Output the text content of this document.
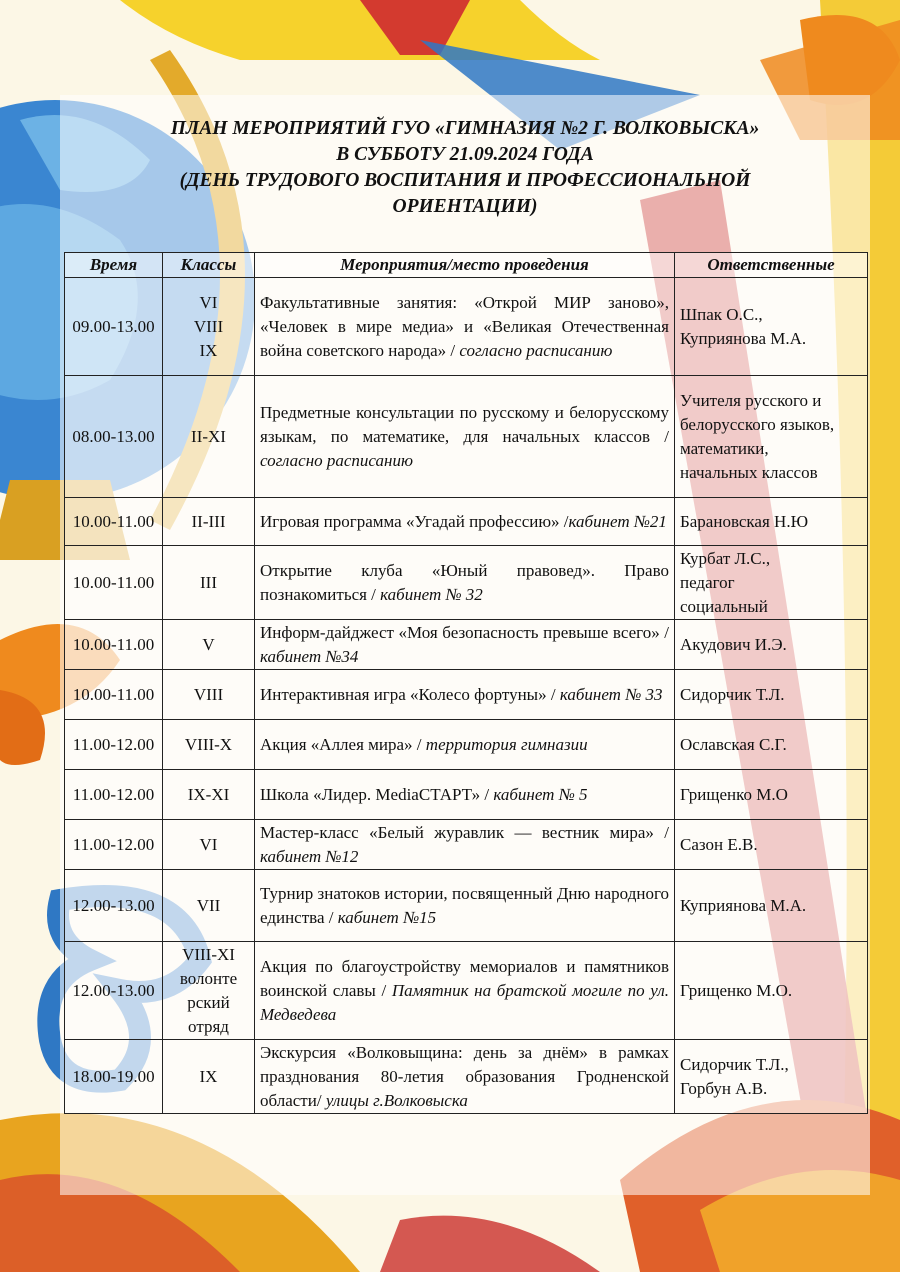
ПЛАН МЕРОПРИЯТИЙ ГУО «ГИМНАЗИЯ №2 Г. ВОЛКОВЫСКА»
В СУББОТУ 21.09.2024 ГОДА
(ДЕНЬ ТРУДОВОГО ВОСПИТАНИЯ И ПРОФЕССИОНАЛЬНОЙ
ОРИЕНТАЦИИ)
Время	Классы	Мероприятия/место проведения	Ответственные
09.00-13.00	VI
VIII
IX	Факультативные занятия: «Открой МИР заново», «Человек в мире медиа» и «Великая Отечественная война советского народа» / согласно расписанию	Шпак О.С.,
Куприянова М.А.

08.00-13.00	II-XI	Предметные консультации по русскому и белорусскому языкам, по математике, для начальных классов / согласно расписанию	Учителя русского и белорусского языков,
математики,
начальных классов

10.00-11.00	II-III	Игровая программа «Угадай профессию» /кабинет №21	Барановская Н.Ю

10.00-11.00	III	Открытие клуба «Юный правовед». Право познакомиться / кабинет № 32	Курбат Л.С.,
педагог
социальный

10.00-11.00	V	Информ-дайджест «Моя безопасность превыше всего» / кабинет №34	Акудович И.Э.

10.00-11.00	VIII	Интерактивная игра «Колесо фортуны» / кабинет № 33	Сидорчик Т.Л.

11.00-12.00	VIII-X	Акция «Аллея мира» / территория гимназии	Ославская С.Г.

11.00-12.00	IX-XI	Школа «Лидер. MediaСТАРТ» / кабинет № 5	Грищенко М.О

11.00-12.00	VI	Мастер-класс «Белый журавлик — вестник мира» /кабинет №12	Сазон Е.В.

12.00-13.00	VII	Турнир знатоков истории, посвященный Дню народного единства / кабинет №15	Куприянова М.А.

12.00-13.00	VIII-XI
волонте
рский
отряд	Акция по благоустройству мемориалов и памятников воинской славы / Памятник на братской могиле по ул. Медведева	Грищенко М.О.

18.00-19.00	IX	Экскурсия «Волковыщина: день за днём» в рамках празднования 80-летия образования Гродненской области/ улицы г.Волковыска	Сидорчик Т.Л.,
Горбун А.В.
